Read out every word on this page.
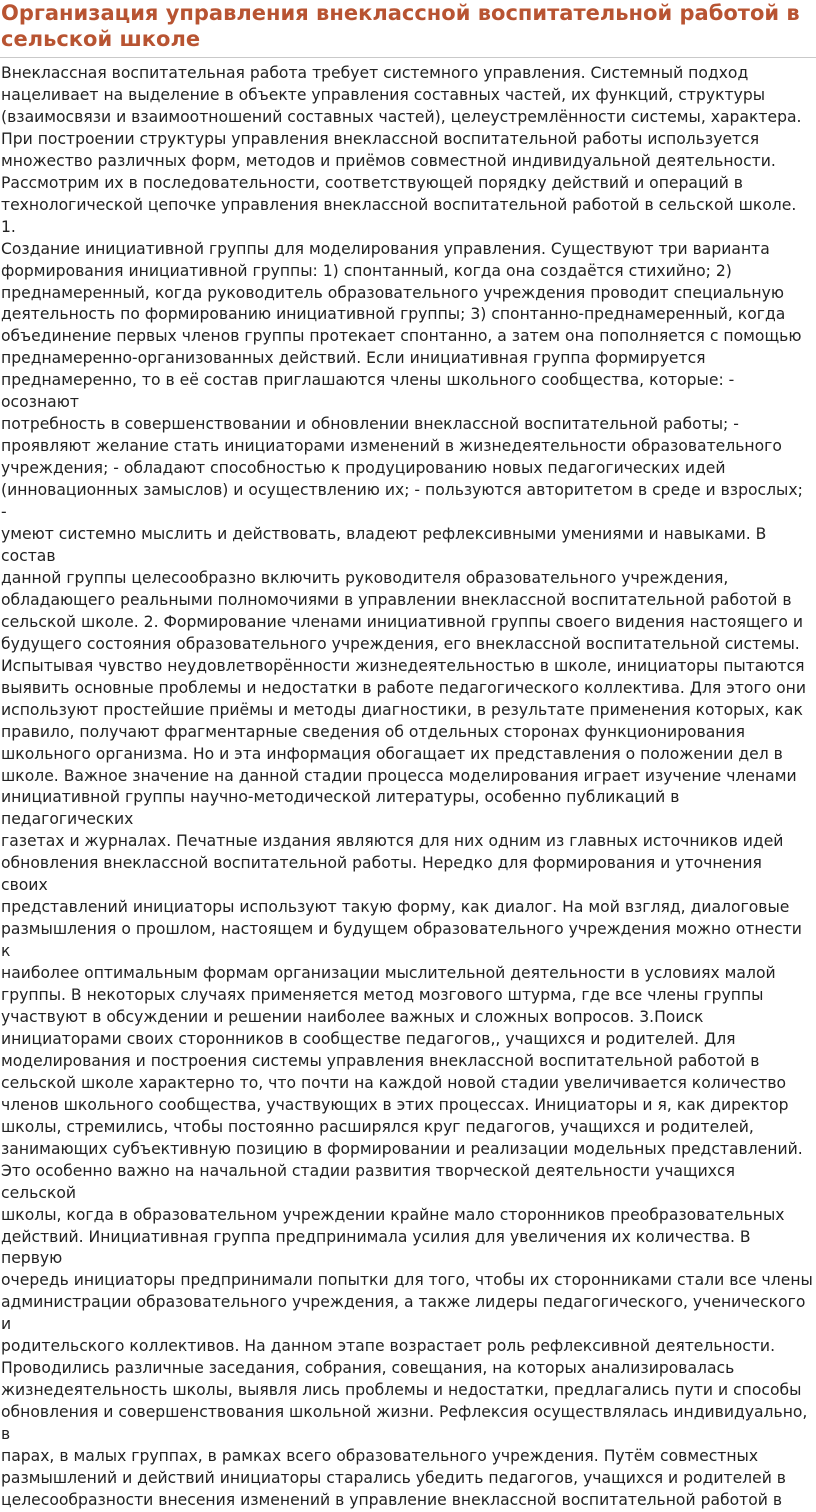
Организация управления внеклассной воспитательной работой в сельской школе
Внеклассная воспитательная работа требует системного управления. Системный подход
нацеливает на выделение в объекте управления составных частей, их функций, структуры
(взаимосвязи и взаимоотношений составных частей), целеустремлённости системы, характера.
При построении структуры управления внеклассной воспитательной работы используется
множество различных форм, методов и приёмов совместной индивидуальной деятельности.
Рассмотрим их в последовательности, соответствующей порядку действий и операций в
технологической цепочке управления внеклассной воспитательной работой в сельской школе. 1.
Создание инициативной группы для моделирования управления. Существуют три варианта
формирования инициативной группы: 1) спонтанный, когда она создаётся стихийно; 2)
преднамеренный, когда руководитель образовательного учреждения проводит специальную
деятельность по формированию инициативной группы; 3) спонтанно-преднамеренный, когда
объединение первых членов группы протекает спонтанно, а затем она пополняется с помощью
преднамеренно-организованных действий. Если инициативная группа формируется
преднамеренно, то в её состав приглашаются члены школьного сообщества, которые: - осознают
потребность в совершенствовании и обновлении внеклассной воспитательной работы; -
проявляют желание стать инициаторами изменений в жизнедеятельности образовательного
учреждения; - обладают способностью к продуцированию новых педагогических идей
(инновационных замыслов) и осуществлению их; - пользуются авторитетом в среде и взрослых; -
умеют системно мыслить и действовать, владеют рефлексивными умениями и навыками. В состав
данной группы целесообразно включить руководителя образовательного учреждения,
обладающего реальными полномочиями в управлении внеклассной воспитательной работой в
сельской школе. 2. Формирование членами инициативной группы своего видения настоящего и
будущего состояния образовательного учреждения, его внеклассной воспитательной системы.
Испытывая чувство неудовлетворённости жизнедеятельностью в школе, инициаторы пытаются
выявить основные проблемы и недостатки в работе педагогического коллектива. Для этого они
используют простейшие приёмы и методы диагностики, в результате применения которых, как
правило, получают фрагментарные сведения об отдельных сторонах функционирования
школьного организма. Но и эта информация обогащает их представления о положении дел в
школе. Важное значение на данной стадии процесса моделирования играет изучение членами
инициативной группы научно-методической литературы, особенно публикаций в педагогических
газетах и журналах. Печатные издания являются для них одним из главных источников идей
обновления внеклассной воспитательной работы. Нередко для формирования и уточнения своих
представлений инициаторы используют такую форму, как диалог. На мой взгляд, диалоговые
размышления о прошлом, настоящем и будущем образовательного учреждения можно отнести к
наиболее оптимальным формам организации мыслительной деятельности в условиях малой
группы. В некоторых случаях применяется метод мозгового штурма, где все члены группы
участвуют в обсуждении и решении наиболее важных и сложных вопросов. 3.Поиск
инициаторами своих сторонников в сообществе педагогов,, учащихся и родителей. Для
моделирования и построения системы управления внеклассной воспитательной работой в
сельской школе характерно то, что почти на каждой новой стадии увеличивается количество
членов школьного сообщества, участвующих в этих процессах. Инициаторы и я, как директор
школы, стремились, чтобы постоянно расширялся круг педагогов, учащихся и родителей,
занимающих субъективную позицию в формировании и реализации модельных представлений.
Это особенно важно на начальной стадии развития творческой деятельности учащихся сельской
школы, когда в образовательном учреждении крайне мало сторонников преобразовательных
действий. Инициативная группа предпринимала усилия для увеличения их количества. В первую
очередь инициаторы предпринимали попытки для того, чтобы их сторонниками стали все члены
администрации образовательного учреждения, а также лидеры педагогического, ученического и
родительского коллективов. На данном этапе возрастает роль рефлексивной деятельности.
Проводились различные заседания, собрания, совещания, на которых анализировалась
жизнедеятельность школы, выявля лись проблемы и недостатки, предлагались пути и способы
обновления и совершенствования школьной жизни. Рефлексия осуществлялась индивидуально, в
парах, в малых группах, в рамках всего образовательного учреждения. Путём совместных
размышлений и действий инициаторы старались убедить педагогов, учащихся и родителей в
целесообразности внесения изменений в управление внеклассной воспитательной работой в
